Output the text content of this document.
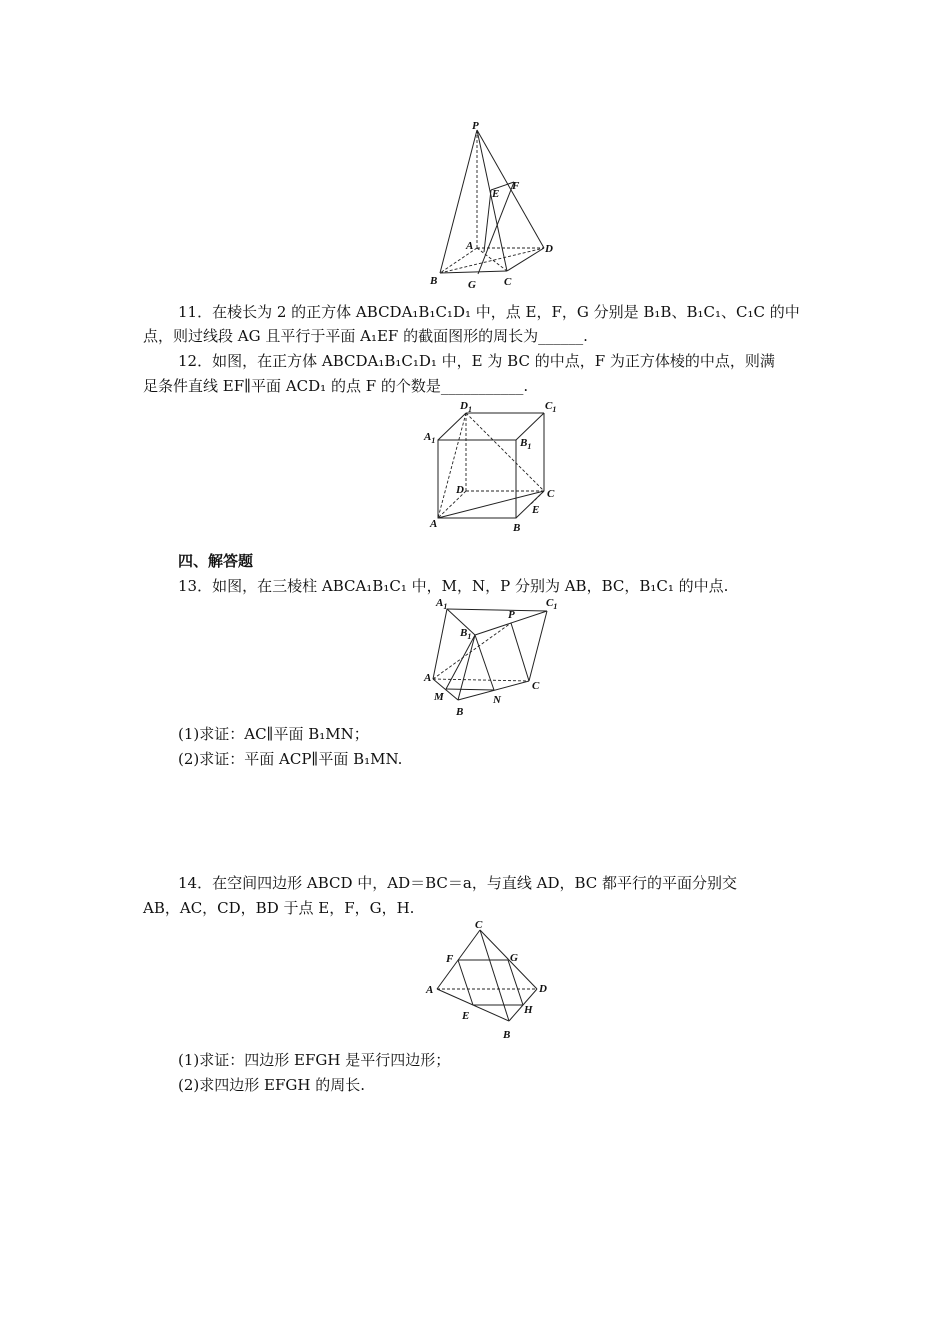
P
E
F
A	D
B	G	C
11．在棱长为 2 的正方体 ABCDA₁B₁C₁D₁ 中，点 E，F，G 分别是 B₁B、B₁C₁、C₁C 的中
点，则过线段 AG 且平行于平面 A₁EF 的截面图形的周长为______.
12．如图，在正方体 ABCDA₁B₁C₁D₁ 中，E 为 BC 的中点，F 为正方体棱的中点，则满
足条件直线 EF∥平面 ACD₁ 的点 F 的个数是___________.
$D_1$	$C_1$
$A_1$	$B_1$
D	C
A
E
B
四、解答题
13．如图，在三棱柱 ABCA₁B₁C₁ 中，M，N，P 分别为 AB，BC，B₁C₁ 的中点.
$A_1$	$C_1$
$B_1$
P
A
C
M	N
B
(1)求证：AC∥平面 B₁MN；
(2)求证：平面 ACP∥平面 B₁MN.
14．在空间四边形 ABCD 中，AD＝BC＝a，与直线 AD，BC 都平行的平面分别交
AB，AC，CD，BD 于点 E，F，G，H.
C
F	G
A	D
E	H
B
(1)求证：四边形 EFGH 是平行四边形；
(2)求四边形 EFGH 的周长.
